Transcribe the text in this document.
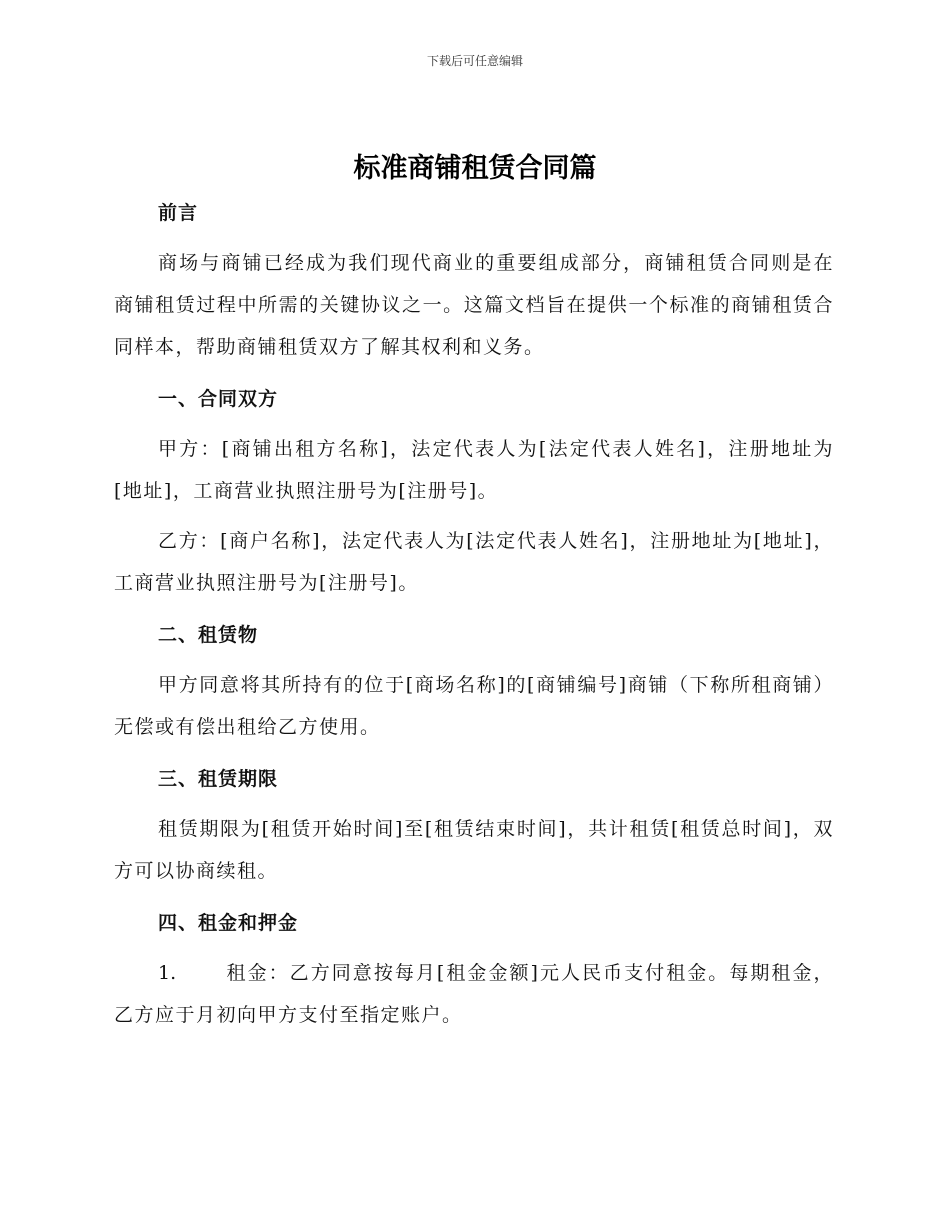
下载后可任意编辑
标准商铺租赁合同篇
前言

商场与商铺已经成为我们现代商业的重要组成部分，商铺租赁合同则是在商铺租赁过程中所需的关键协议之一。这篇文档旨在提供一个标准的商铺租赁合同样本，帮助商铺租赁双方了解其权利和义务。

一、合同双方

甲方：[商铺出租方名称]，法定代表人为[法定代表人姓名]，注册地址为[地址]，工商营业执照注册号为[注册号]。

乙方：[商户名称]，法定代表人为[法定代表人姓名]，注册地址为[地址]，工商营业执照注册号为[注册号]。

二、租赁物

甲方同意将其所持有的位于[商场名称]的[商铺编号]商铺（下称所租商铺）无偿或有偿出租给乙方使用。

三、租赁期限

租赁期限为[租赁开始时间]至[租赁结束时间]，共计租赁[租赁总时间]，双方可以协商续租。

四、租金和押金

1.	租金：乙方同意按每月[租金金额]元人民币支付租金。每期租金，乙方应于月初向甲方支付至指定账户。
